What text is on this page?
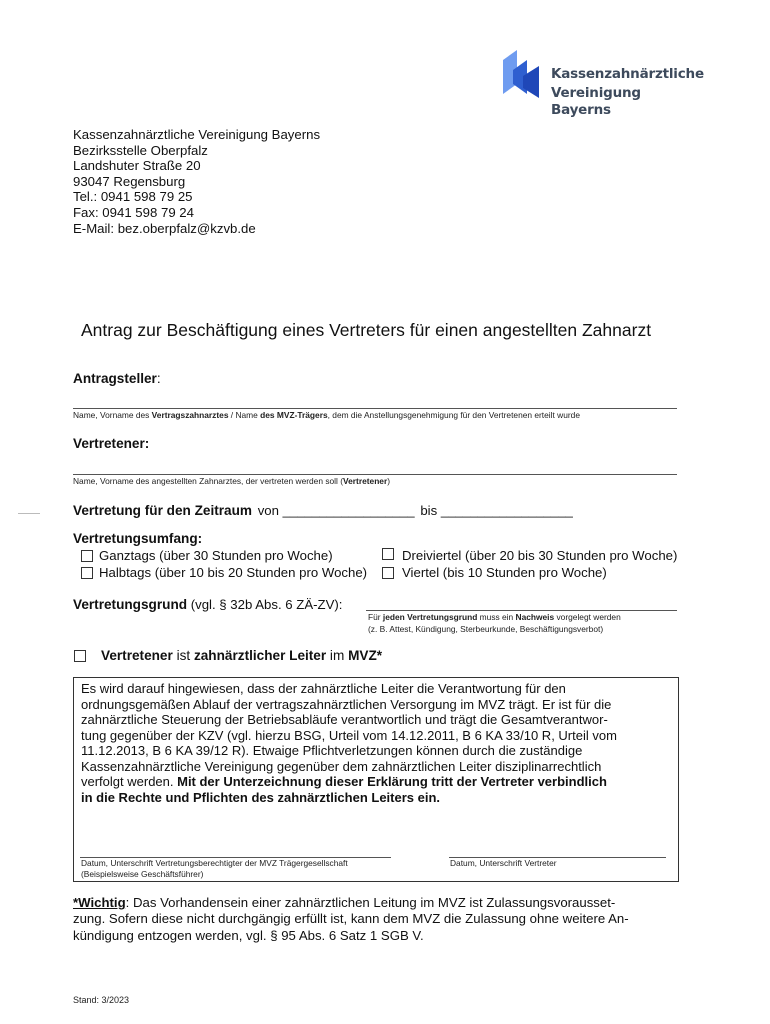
Kassenzahnärztliche
Vereinigung Bayerns
Kassenzahnärztliche Vereinigung Bayerns
Bezirksstelle Oberpfalz
Landshuter Straße 20
93047 Regensburg
Tel.: 0941 598 79 25
Fax: 0941 598 79 24
E-Mail: bez.oberpfalz@kzvb.de
Antrag zur Beschäftigung eines Vertreters für einen angestellten Zahnarzt
Antragsteller:
Name, Vorname des Vertragszahnarztes / Name des MVZ-Trägers, dem die Anstellungsgenehmigung für den Vertretenen erteilt wurde
Vertretener:
Name, Vorname des angestellten Zahnarztes, der vertreten werden soll (Vertretener)
Vertretung für den Zeitraum von __________________ bis __________________
Vertretungsumfang:
Ganztags (über 30 Stunden pro Woche)
Halbtags (über 10 bis 20 Stunden pro Woche)
Dreiviertel (über 20 bis 30 Stunden pro Woche)
Viertel (bis 10 Stunden pro Woche)
Vertretungsgrund (vgl. § 32b Abs. 6 ZÄ-ZV):
Für jeden Vertretungsgrund muss ein Nachweis vorgelegt werden
(z. B. Attest, Kündigung, Sterbeurkunde, Beschäftigungsverbot)
Vertretener ist zahnärztlicher Leiter im MVZ*
Es wird darauf hingewiesen, dass der zahnärztliche Leiter die Verantwortung für den
ordnungsgemäßen Ablauf der vertragszahnärztlichen Versorgung im MVZ trägt. Er ist für die
zahnärztliche Steuerung der Betriebsabläufe verantwortlich und trägt die Gesamtverantwor-
tung gegenüber der KZV (vgl. hierzu BSG, Urteil vom 14.12.2011, B 6 KA 33/10 R, Urteil vom
11.12.2013, B 6 KA 39/12 R). Etwaige Pflichtverletzungen können durch die zuständige
Kassenzahnärztliche Vereinigung gegenüber dem zahnärztlichen Leiter disziplinarrechtlich
verfolgt werden. Mit der Unterzeichnung dieser Erklärung tritt der Vertreter verbindlich
in die Rechte und Pflichten des zahnärztlichen Leiters ein.
Datum, Unterschrift Vertretungsberechtigter der MVZ Trägergesellschaft
(Beispielsweise Geschäftsführer)
Datum, Unterschrift Vertreter
*Wichtig: Das Vorhandensein einer zahnärztlichen Leitung im MVZ ist Zulassungsvorausset-
zung. Sofern diese nicht durchgängig erfüllt ist, kann dem MVZ die Zulassung ohne weitere An-
kündigung entzogen werden, vgl. § 95 Abs. 6 Satz 1 SGB V.
Stand: 3/2023
